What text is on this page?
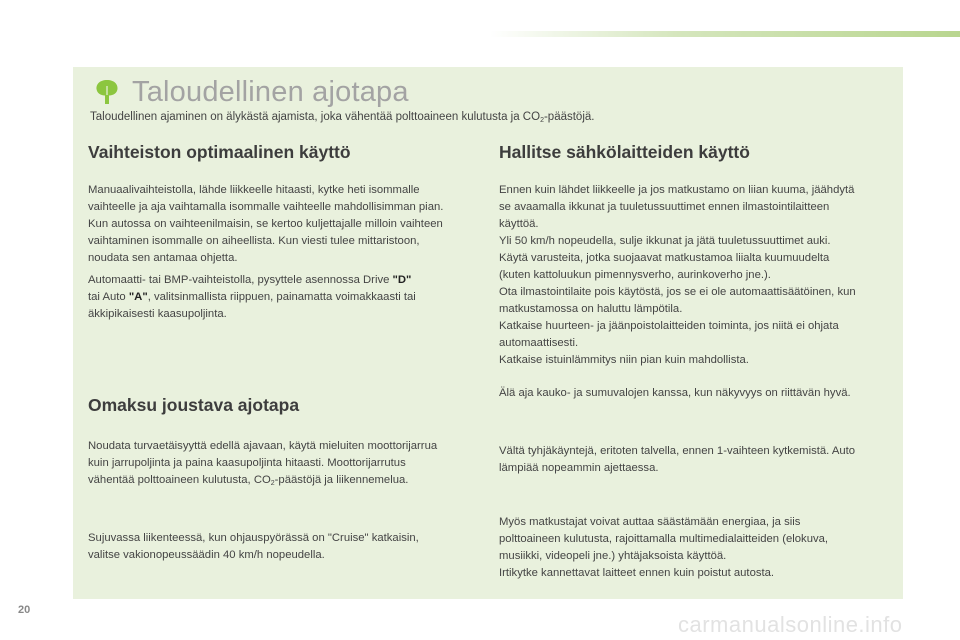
Taloudellinen ajotapa
Taloudellinen ajaminen on älykästä ajamista, joka vähentää polttoaineen kulutusta ja $CO_2$-päästöjä.
Vaihteiston optimaalinen käyttö
Manuaalivaihteistolla, lähde liikkeelle hitaasti, kytke heti isommalle
vaihteelle ja aja vaihtamalla isommalle vaihteelle mahdollisimman pian.
Kun autossa on vaihteenilmaisin, se kertoo kuljettajalle milloin vaihteen
vaihtaminen isommalle on aiheellista. Kun viesti tulee mittaristoon,
noudata sen antamaa ohjetta.
Automaatti- tai BMP-vaihteistolla, pysyttele asennossa Drive "D"
tai Auto "A", valitsinmallista riippuen, painamatta voimakkaasti tai
äkkipikaisesti kaasupoljinta.
Omaksu joustava ajotapa
Noudata turvaetäisyyttä edellä ajavaan, käytä mieluiten moottorijarrua
kuin jarrupoljinta ja paina kaasupoljinta hitaasti. Moottorijarrutus
vähentää polttoaineen kulutusta, $CO_2$-päästöjä ja liikennemelua.
Sujuvassa liikenteessä, kun ohjauspyörässä on "Cruise" katkaisin,
valitse vakionopeussäädin 40 km/h nopeudella.
Hallitse sähkölaitteiden käyttö
Ennen kuin lähdet liikkeelle ja jos matkustamo on liian kuuma, jäähdytä
se avaamalla ikkunat ja tuuletussuuttimet ennen ilmastointilaitteen
käyttöä.
Yli 50 km/h nopeudella, sulje ikkunat ja jätä tuuletussuuttimet auki.
Käytä varusteita, jotka suojaavat matkustamoa liialta kuumuudelta
(kuten kattoluukun pimennysverho, aurinkoverho jne.).
Ota ilmastointilaite pois käytöstä, jos se ei ole automaattisäätöinen, kun
matkustamossa on haluttu lämpötila.
Katkaise huurteen- ja jäänpoistolaitteiden toiminta, jos niitä ei ohjata
automaattisesti.
Katkaise istuinlämmitys niin pian kuin mahdollista.
Älä aja kauko- ja sumuvalojen kanssa, kun näkyvyys on riittävän hyvä.
Vältä tyhjäkäyntejä, eritoten talvella, ennen 1-vaihteen kytkemistä. Auto
lämpiää nopeammin ajettaessa.
Myös matkustajat voivat auttaa säästämään energiaa, ja siis
polttoaineen kulutusta, rajoittamalla multimedialaitteiden (elokuva,
musiikki, videopeli jne.) yhtäjaksoista käyttöä.
Irtikytke kannettavat laitteet ennen kuin poistut autosta.
20
carmanualsonline.info
